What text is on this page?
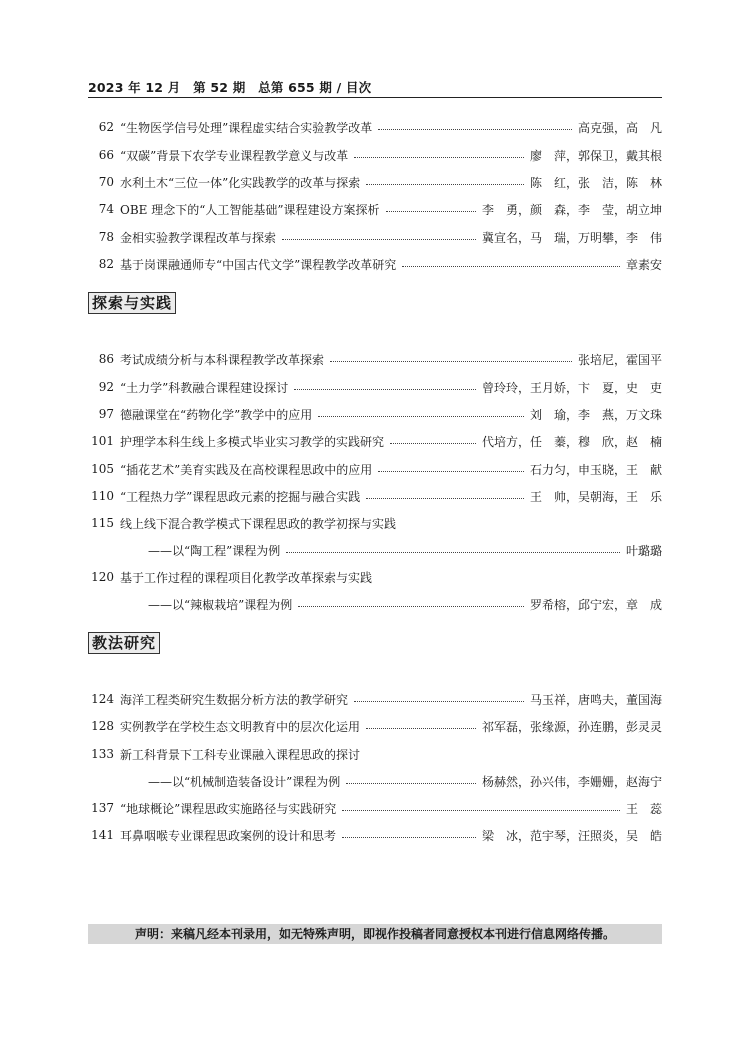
2023 年 12 月　第 52 期　总第 655 期 / 目次
62 “生物医学信号处理”课程虚实结合实验教学改革	高克强，高　凡
66 “双碳”背景下农学专业课程教学意义与改革	廖　萍，郭保卫，戴其根
70 水利土木“三位一体”化实践教学的改革与探索	陈　红，张　洁，陈　林
74 OBE 理念下的“人工智能基础”课程建设方案探析	李　勇，颜　森，李　莹，胡立坤
78 金相实验教学课程改革与探索	冀宣名，马　瑞，万明攀，李　伟
82 基于岗课融通师专“中国古代文学”课程教学改革研究	章素安
探索与实践
86 考试成绩分析与本科课程教学改革探索	张培尼，霍国平
92 “土力学”科教融合课程建设探讨	曾玲玲，王月娇，卞　夏，史　吏
97 德融课堂在“药物化学”教学中的应用	刘　瑜，李　燕，万文珠
101 护理学本科生线上多模式毕业实习教学的实践研究	代培方，任　蓁，穆　欣，赵　楠
105 “插花艺术”美育实践及在高校课程思政中的应用	石力匀，申玉晓，王　献
110 “工程热力学”课程思政元素的挖掘与融合实践	王　帅，吴朝海，王　乐
115 线上线下混合教学模式下课程思政的教学初探与实践
——以“陶工程”课程为例	叶璐璐
120 基于工作过程的课程项目化教学改革探索与实践
——以“辣椒栽培”课程为例	罗希榕，邱宁宏，章　成
教法研究
124 海洋工程类研究生数据分析方法的教学研究	马玉祥，唐鸣夫，董国海
128 实例教学在学校生态文明教育中的层次化运用	祁军磊，张缘源，孙连鹏，彭灵灵
133 新工科背景下工科专业课融入课程思政的探讨
——以“机械制造装备设计”课程为例	杨赫然，孙兴伟，李姗姗，赵海宁
137 “地球概论”课程思政实施路径与实践研究	王　蕊
141 耳鼻咽喉专业课程思政案例的设计和思考	梁　冰，范宇琴，汪照炎，吴　皓
声明：来稿凡经本刊录用，如无特殊声明，即视作投稿者同意授权本刊进行信息网络传播。
